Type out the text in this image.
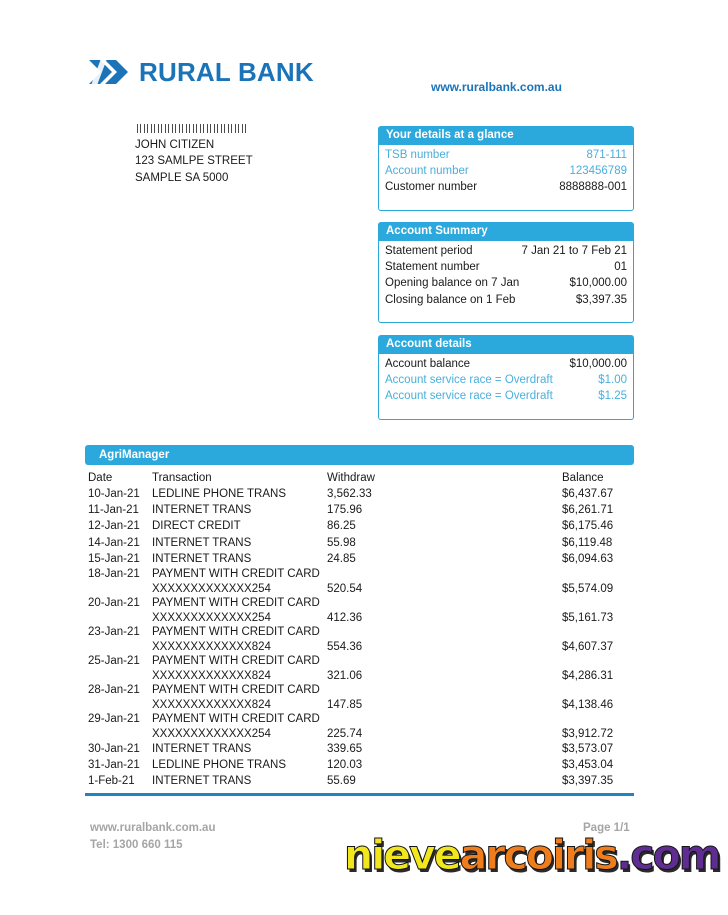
RURAL BANK
www.ruralbank.com.au
JOHN CITIZEN
123 SAMLPE STREET
SAMPLE SA 5000
Your details at a glance
TSB number	871-111
Account number	123456789
Customer number	8888888-001
Account Summary
Statement period	7 Jan 21 to 7 Feb 21
Statement number	01
Opening balance on 7 Jan	$10,000.00
Closing balance on 1 Feb	$3,397.35
Account details
Account balance	$10,000.00
Account service race = Overdraft	$1.00
Account service race = Overdraft	$1.25
AgriManager
Date	Transaction	Withdraw	Balance
10-Jan-21	LEDLINE PHONE TRANS	3,562.33	$6,437.67
11-Jan-21	INTERNET TRANS	175.96	$6,261.71
12-Jan-21	DIRECT CREDIT	86.25	$6,175.46
14-Jan-21	INTERNET TRANS	55.98	$6,119.48
15-Jan-21	INTERNET TRANS	24.85	$6,094.63
18-Jan-21	PAYMENT WITH CREDIT CARD
XXXXXXXXXXXXX254	520.54	$5,574.09
20-Jan-21	PAYMENT WITH CREDIT CARD
XXXXXXXXXXXXX254	412.36	$5,161.73
23-Jan-21	PAYMENT WITH CREDIT CARD
XXXXXXXXXXXXX824	554.36	$4,607.37
25-Jan-21	PAYMENT WITH CREDIT CARD
XXXXXXXXXXXXX824	321.06	$4,286.31
28-Jan-21	PAYMENT WITH CREDIT CARD
XXXXXXXXXXXXX824	147.85	$4,138.46
29-Jan-21	PAYMENT WITH CREDIT CARD
XXXXXXXXXXXXX254	225.74	$3,912.72
30-Jan-21	INTERNET TRANS	339.65	$3,573.07
31-Jan-21	LEDLINE PHONE TRANS	120.03	$3,453.04
1-Feb-21	INTERNET TRANS	55.69	$3,397.35
www.ruralbank.com.au
Tel: 1300 660 115
Page 1/1
nievearcoiris.com
